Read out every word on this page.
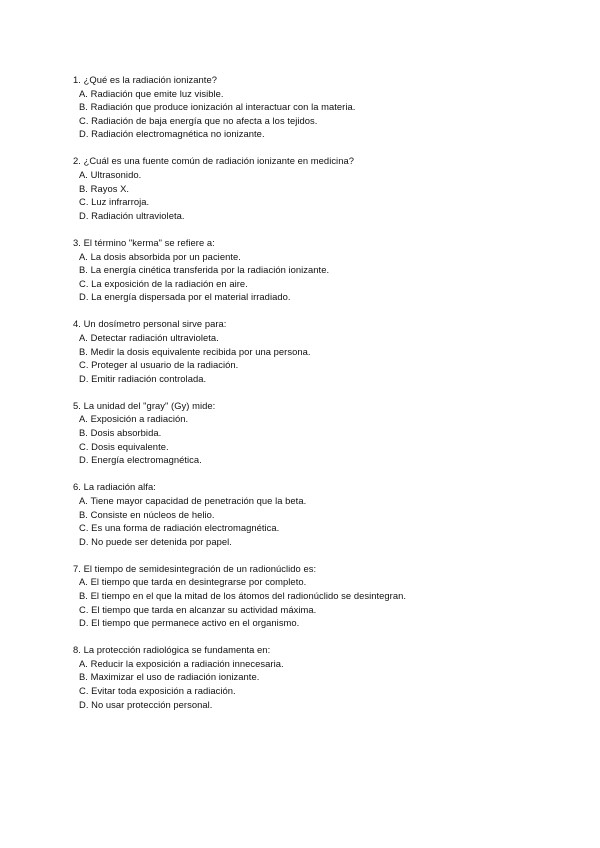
1. ¿Qué es la radiación ionizante?
A. Radiación que emite luz visible.
B. Radiación que produce ionización al interactuar con la materia.
C. Radiación de baja energía que no afecta a los tejidos.
D. Radiación electromagnética no ionizante.
2. ¿Cuál es una fuente común de radiación ionizante en medicina?
A. Ultrasonido.
B. Rayos X.
C. Luz infrarroja.
D. Radiación ultravioleta.
3. El término "kerma" se refiere a:
A. La dosis absorbida por un paciente.
B. La energía cinética transferida por la radiación ionizante.
C. La exposición de la radiación en aire.
D. La energía dispersada por el material irradiado.
4. Un dosímetro personal sirve para:
A. Detectar radiación ultravioleta.
B. Medir la dosis equivalente recibida por una persona.
C. Proteger al usuario de la radiación.
D. Emitir radiación controlada.
5. La unidad del "gray" (Gy) mide:
A. Exposición a radiación.
B. Dosis absorbida.
C. Dosis equivalente.
D. Energía electromagnética.
6. La radiación alfa:
A. Tiene mayor capacidad de penetración que la beta.
B. Consiste en núcleos de helio.
C. Es una forma de radiación electromagnética.
D. No puede ser detenida por papel.
7. El tiempo de semidesintegración de un radionúclido es:
A. El tiempo que tarda en desintegrarse por completo.
B. El tiempo en el que la mitad de los átomos del radionúclido se desintegran.
C. El tiempo que tarda en alcanzar su actividad máxima.
D. El tiempo que permanece activo en el organismo.
8. La protección radiológica se fundamenta en:
A. Reducir la exposición a radiación innecesaria.
B. Maximizar el uso de radiación ionizante.
C. Evitar toda exposición a radiación.
D. No usar protección personal.
